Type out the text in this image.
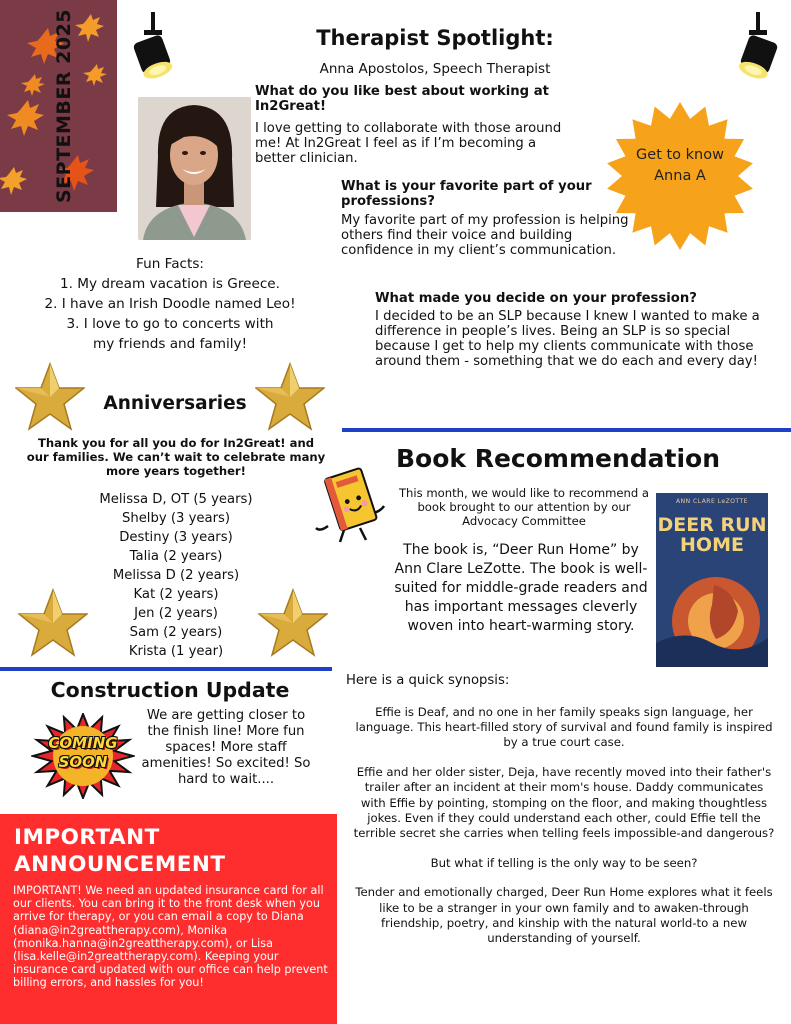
SEPTEMBER 2025	Therapist Spotlight:
Anna Apostolos, Speech Therapist
What do you like best about working at In2Great!
I love getting to collaborate with those around me! At In2Great I feel as if I’m becoming a better clinician.
What is your favorite part of your professions?
My favorite part of my profession is helping others find their voice and building confidence in my client’s communication.
What made you decide on your profession?
I decided to be an SLP because I knew I wanted to make a difference in people’s lives. Being an SLP is so special because I get to help my clients communicate with those around them - something that we do each and every day!
Get to know
Anna A
Fun Facts:
1. My dream vacation is Greece.
2. I have an Irish Doodle named Leo!
3. I love to go to concerts with
my friends and family!
Anniversaries
Thank you for all you do for In2Great! and our families. We can’t wait to celebrate many more years together!
Melissa D, OT (5 years)
Shelby (3 years)
Destiny (3 years)
Talia (2 years)
Melissa D (2 years)
Kat (2 years)
Jen (2 years)
Sam (2 years)
Krista (1 year)
Book Recommendation
This month, we would like to recommend a book brought to our attention by our Advocacy Committee
The book is, “Deer Run Home” by Ann Clare LeZotte. The book is well-suited for middle-grade readers and has important messages cleverly woven into heart-warming story.
ANN CLARE LeZOTTE
DEER RUN
HOME
Here is a quick synopsis:

Effie is Deaf, and no one in her family speaks sign language, her language. This heart-filled story of survival and found family is inspired by a true court case.

Effie and her older sister, Deja, have recently moved into their father's trailer after an incident at their mom's house. Daddy communicates with Effie by pointing, stomping on the floor, and making thoughtless jokes. Even if they could understand each other, could Effie tell the terrible secret she carries when telling feels impossible-and dangerous?

But what if telling is the only way to be seen?

Tender and emotionally charged, Deer Run Home explores what it feels like to be a stranger in your own family and to awaken-through friendship, poetry, and kinship with the natural world-to a new understanding of yourself.

Construction Update
COMING
SOON
We are getting closer to the finish line! More fun spaces! More staff amenities! So excited! So hard to wait....
IMPORTANT
ANNOUNCEMENT
IMPORTANT! We need an updated insurance card for all our clients. You can bring it to the front desk when you arrive for therapy, or you can email a copy to Diana (diana@in2greattherapy.com), Monika (monika.hanna@in2greattherapy.com), or Lisa (lisa.kelle@in2greattherapy.com). Keeping your insurance card updated with our office can help prevent billing errors, and hassles for you!
